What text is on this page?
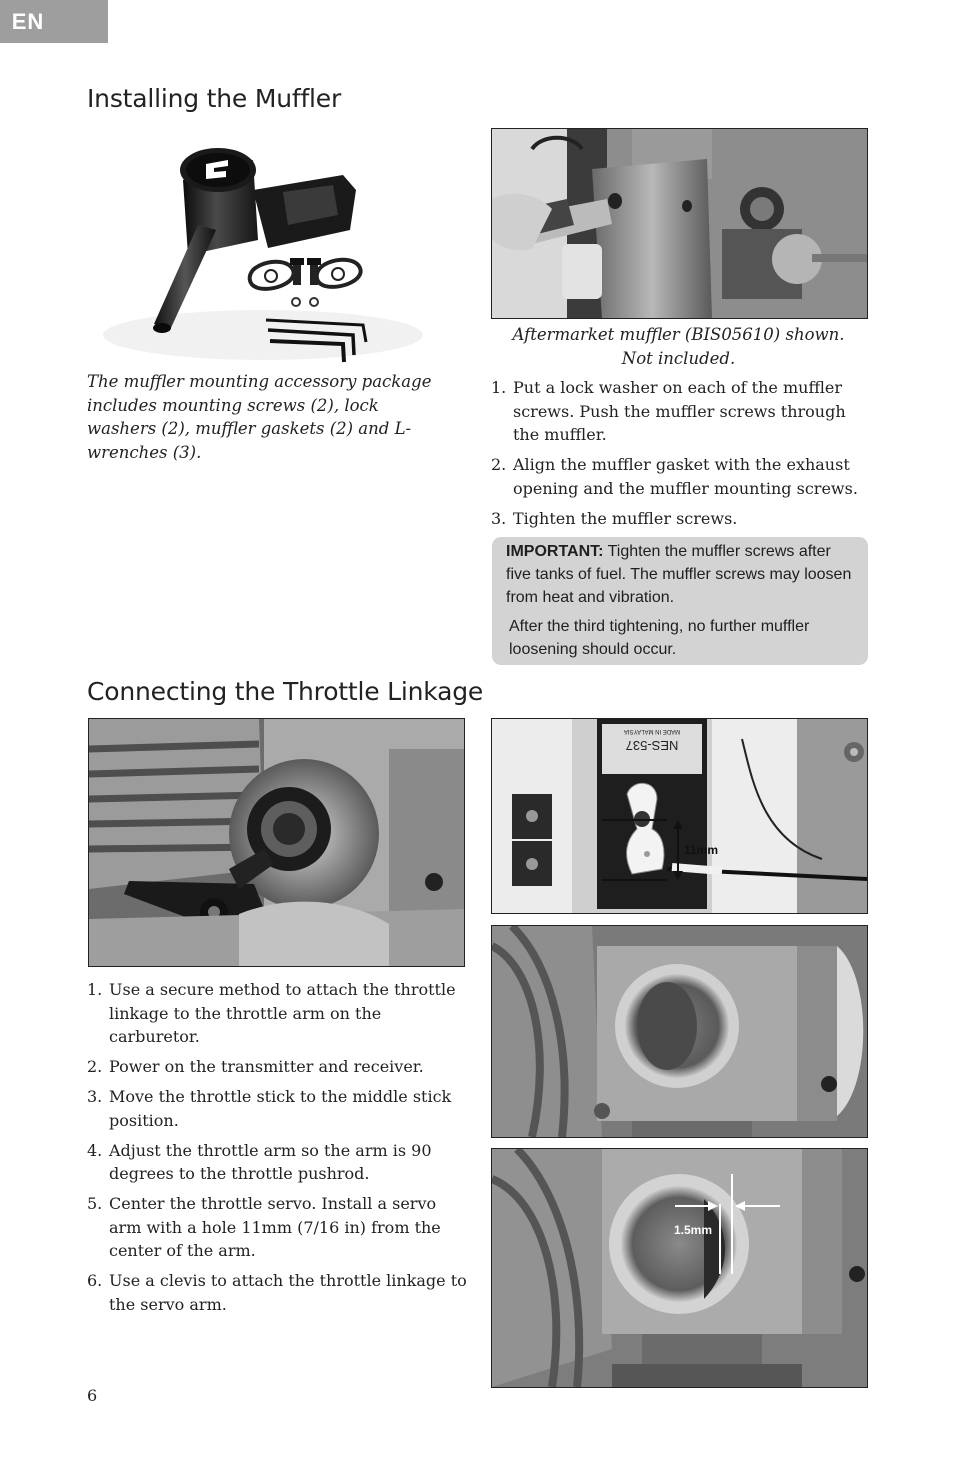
EN
Installing the Muffler
The muffler mounting accessory package includes mounting screws (2), lock washers (2), muffler gaskets (2) and L- wrenches (3).
Aftermarket muffler (BIS05610) shown.
Not included.
1. Put a lock washer on each of the muffler screws. Push the muffler screws through the muffler.
2. Align the muffler gasket with the exhaust opening and the muffler mounting screws.
3. Tighten the muffler screws.

IMPORTANT: Tighten the muffler screws after five tanks of fuel. The muffler screws may loosen from heat and vibration.

After the third tightening, no further muffler loosening should occur.

Connecting the Throttle Linkage
1. Use a secure method to attach the throttle linkage to the throttle arm on the carburetor.
2. Power on the transmitter and receiver.
3. Move the throttle stick to the middle stick position.
4. Adjust the throttle arm so the arm is 90 degrees to the throttle pushrod.
5. Center the throttle servo. Install a servo arm with a hole 11mm (7/16 in) from the center of the arm.
6. Use a clevis to attach the throttle linkage to the servo arm.
NES-537
MADE IN MALAYSIA
11mm
1.5mm
6
